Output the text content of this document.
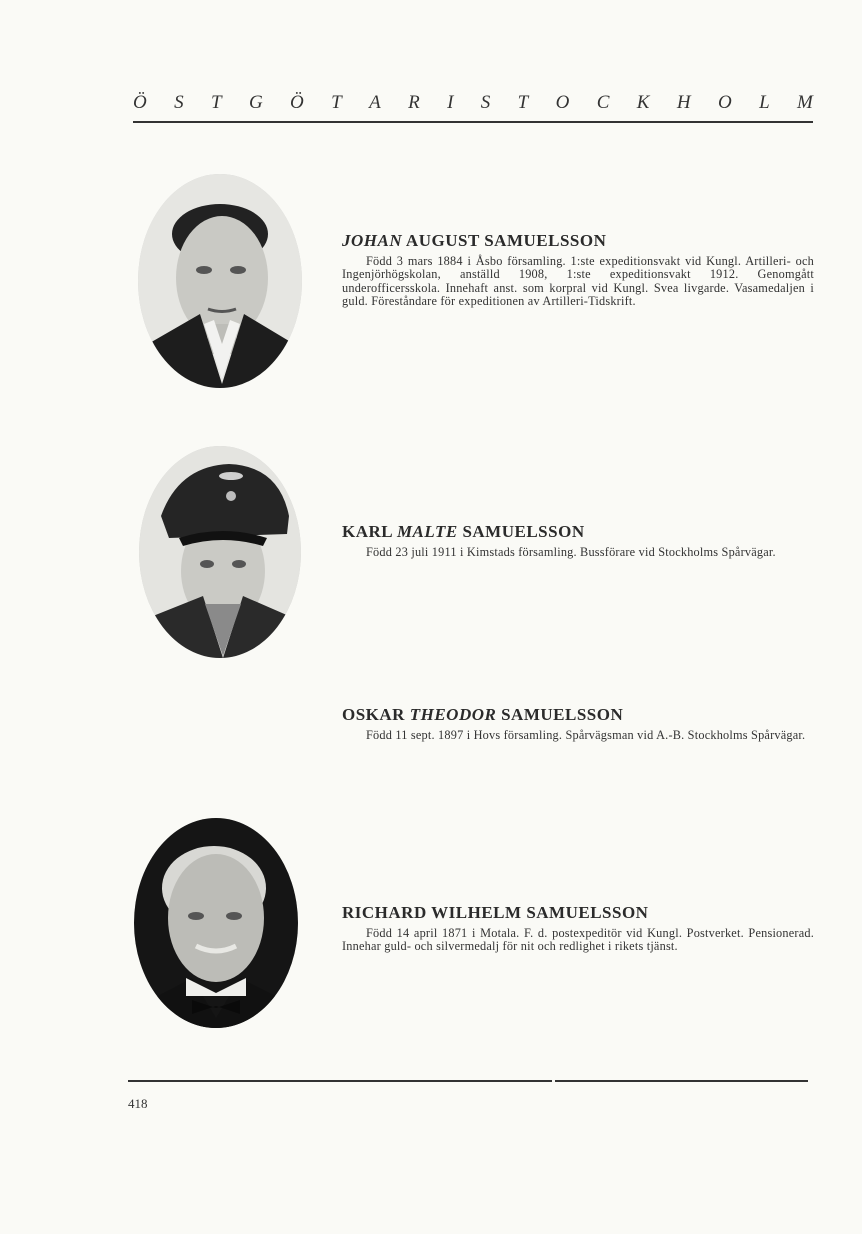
Ö S T G Ö T A R I S T O C K H O L M
JOHAN AUGUST SAMUELSSON

Född 3 mars 1884 i Åsbo församling. 1:ste expeditionsvakt vid Kungl. Artilleri- och Ingenjörhögskolan, anställd 1908, 1:ste expeditionsvakt 1912. Genomgått underofficersskola. Innehaft anst. som korpral vid Kungl. Svea livgarde. Vasamedaljen i guld. Föreståndare för expeditionen av Artilleri-Tidskrift.

KARL MALTE SAMUELSSON

Född 23 juli 1911 i Kimstads församling. Bussförare vid Stockholms Spårvägar.

OSKAR THEODOR SAMUELSSON

Född 11 sept. 1897 i Hovs församling. Spårvägsman vid A.-B. Stockholms Spårvägar.

RICHARD WILHELM SAMUELSSON

Född 14 april 1871 i Motala. F. d. postexpeditör vid Kungl. Postverket. Pensionerad. Innehar guld- och silvermedalj för nit och redlighet i rikets tjänst.

418
